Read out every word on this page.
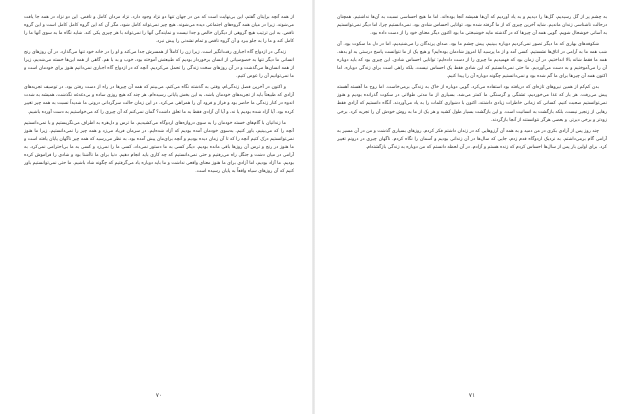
از همه آنچه برایتان گفتم، این بی‌نهایت است که من در جهان تنها دو نژاد وجود دارد. نژاد مردان کامل و ناقص. این دو نژاد در همه جا یافت می‌شوند. زیرا در میان همه گروه‌های اجتماعی دیده می‌شوند. هیچ چیز نمی‌تواند کامل شود، مگر آن که این گروه کامل کامل است و این گروه ناقص. به این ترتیب هیچ گروهی از دیگران خالص و جدا نیست و نمایندگی آنها را نمی‌تواند با هر چیزی یکی کند. شاید نگاه ما به سوی آنها ما را کامل کند و ما را به جلو ببرد و آن گروه ناقص و تمام نشدنی را پیش نبرد.

زندگی در ازدواج گاه اجباری رقت‌انگیز است. زیرا زن را کاملاً از همسرش جدا می‌کند و او را در خانه خود تنها می‌گذارد. در آن روزهای رنج انسانی ما دیگر تنها به خصوصیاتی از انسان برخوردار بودیم که طبیعتش آموخته بود، خوب و بد با هم. گاهی از همه این‌ها خسته می‌شدیم، زیرا از همه انسان‌ها می‌گذشت و در آن روزهای سخت زندگی را تحمل می‌کردیم. آنچه که در ازدواج گاه اجباری نمی‌دانیم هنوز برای خودمان است و ما نمی‌توانیم آن را عوض کنیم.

و اکنون در آخرین فصل زندگی‌ام، وقتی به گذشته نگاه می‌کنم، می‌بینم که همه آن چیزها در راه از دست رفتن بود. در توصیف تجربه‌های آزادی که طبیعتاً باید از تجربه‌های خودمان باشد، به این بخش پایانی رسیده‌ام. هر چند که هیچ روزی ساده و بی‌دغدغه نگذشت، همیشه به شدت اندوه در کنار زندگی ما حاضر بود و فراز و فرود آن را همراهی می‌کرد. در این زمان حالت سرگردانی درونی ما شدیداً نسبت به همه چیز تغییر کرده بود. آیا آزاد شده بودیم یا نه، و آیا آن آزادی فقط به ما تعلق داشت؟ گمان نمی‌کنم که آن چیزی را که می‌خواستیم به دست آورده باشیم.

ما زندانیان با گام‌های خسته خودمان را به سوی دروازه‌های اردوگاه می‌کشیدیم. ما ترس و دل‌هره به اطراف می‌نگریستیم و با نمی‌دانستیم آنچه را که می‌بینیم، باور کنیم. به‌سوی خودمان آمده بودیم که آزاد شده‌ایم. در سرمان فریاد می‌زد و همه چیز را نمی‌دانستیم. زیرا ما هنوز نمی‌توانستیم درک کنیم آنچه را که تا آن زمان دیده بودیم و آنچه برای‌مان پیش آمده بود. به نظر می‌رسید که همه چیز ناگهان پایان یافته است و ما هنوز در رنج و ترس آن روزها باقی مانده بودیم. دیگر کسی به ما دستور نمی‌داد، کسی ما را نمی‌زد و کسی به ما بی‌احترامی نمی‌کرد. به آرامی در میان دشت و جنگل راه می‌رفتیم و حتی نمی‌دانستیم که چه کاری باید انجام دهیم. دنیا برای ما ناآشنا بود و شادی را فراموش کرده بودیم. ما آزاد بودیم، اما آزادی برای ما هنوز معنای واقعی نداشت و ما باید دوباره یاد می‌گرفتیم که چگونه شاد باشیم. ما حتی نمی‌توانستیم باور کنیم که آن روزهای سیاه واقعاً به پایان رسیده است.

به چشم پر از گل رسیدیم، گل‌ها را دیدیم و به یاد آوردیم که آن‌ها همیشه آنجا بوده‌اند. اما ما هیچ احساسی نسبت به آن‌ها نداشتیم. همچنان درحالت ناشناسی زندان ماندیم. شاید آخرین چیزی که از ما گرفته شده بود، توانایی احساس شادی بود. نمی‌دانستیم چرا، اما دیگر نمی‌توانستیم به آسانی خوشحال شویم. گویی همه آن چیزها که در گذشته مایه خوشبختی ما بود اکنون دیگر معنای خود را از دست داده بود.

شکوفه‌های بهاری که ما دیگر تصور نمی‌کردیم دوباره ببینیم، پیش چشم ما بود. صدای پرندگان را می‌شنیدیم، اما در دل ما سکوت بود. آن شب همه ما به آرامی در اتاق‌ها نشستیم. کسی آمد و از ما پرسید آیا امروز شادمان بوده‌ایم؟ و هیچ یک از ما نتوانست پاسخ درستی به او بدهد. همه ما فقط شانه بالا انداختیم. در آن زمان بود که فهمیدیم ما چیزی را از دست داده‌ایم: توانایی احساس شادی. این چیزی بود که باید دوباره آن را می‌آموختیم و به دست می‌آوردیم. ما حتی نمی‌دانستیم که این شادی فقط یک احساس نیست، بلکه راهی است برای زندگی دوباره. اما اکنون همه آن چیزها برای ما گم شده بود و نمی‌دانستیم چگونه دوباره آن را پیدا کنیم.

بدن کم‌کم از همین نیروهای تازه‌ای که دریافته بود استفاده می‌کرد. گویی دوباره از خاک به زندگی برمی‌خاست. اما روح ما آهسته آهسته پیش می‌رفت. هر بار که غذا می‌خوردیم، تشنگی و گرسنگی ما کمتر می‌شد. بسیاری از ما مدتی طولانی در سکوت گذرانده بودیم و هنوز نمی‌توانستیم صحبت کنیم. کسانی که زمانی خاطرات زیادی داشتند، اکنون با دشواری کلمات را به یاد می‌آوردند. آنگاه دانستیم که آزادی فقط رهایی از زنجیر نیست، بلکه بازگشت به انسانیت است. و این بازگشت بسیار طول کشید و هر یک از ما به روش خودش آن را تجربه کرد. برخی زودتر و برخی دیرتر. و بعضی هرگز نتوانستند از آنجا بازگردند.

چند روز پس از آزادی بکری در من دمید و به همه آن آرزوهایی که در زندان داشتم فکر کردم. روزهای بسیاری گذشت و من در آن مسیر به آرامی گام برمی‌داشتم. به نزدیک اردوگاه قدم زدم، جایی که سال‌ها در آن زندانی بودیم و آسمان را نگاه کردم. ناگهان چیزی در درونم تغییر کرد. برای اولین بار پس از سال‌ها احساس کردم که زنده هستم و آزادم. در آن لحظه دانستم که من دوباره به زندگی بازگشته‌ام.

۷۰	۷۱
